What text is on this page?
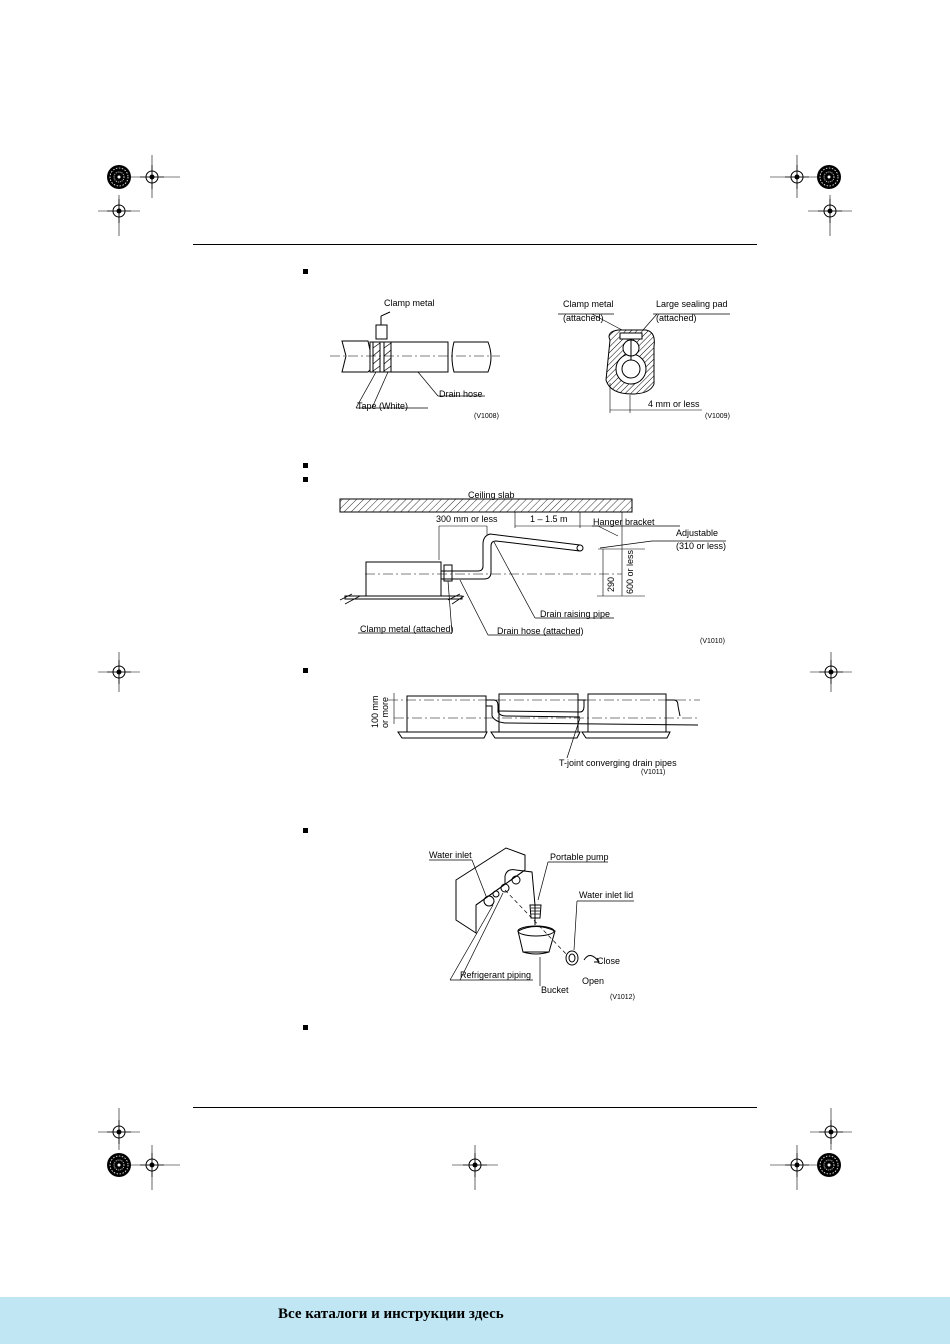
Clamp metal
Drain hose
Tape (White)
(V1008)
Clamp metal
(attached)
Large sealing pad
(attached)
4 mm or less
(V1009)
Ceiling slab
300 mm or less	1 – 1.5 m	Hanger bracket
Adjustable
(310 or less)
600 or less
290
Drain raising pipe
Clamp metal (attached)	Drain hose (attached)
(V1010)
100 mm or more
T-joint converging drain pipes
(V1011)
Water inlet	Portable pump
Water inlet lid
Close
Open
Refrigerant piping
Bucket
(V1012)
Все каталоги и инструкции здесь
